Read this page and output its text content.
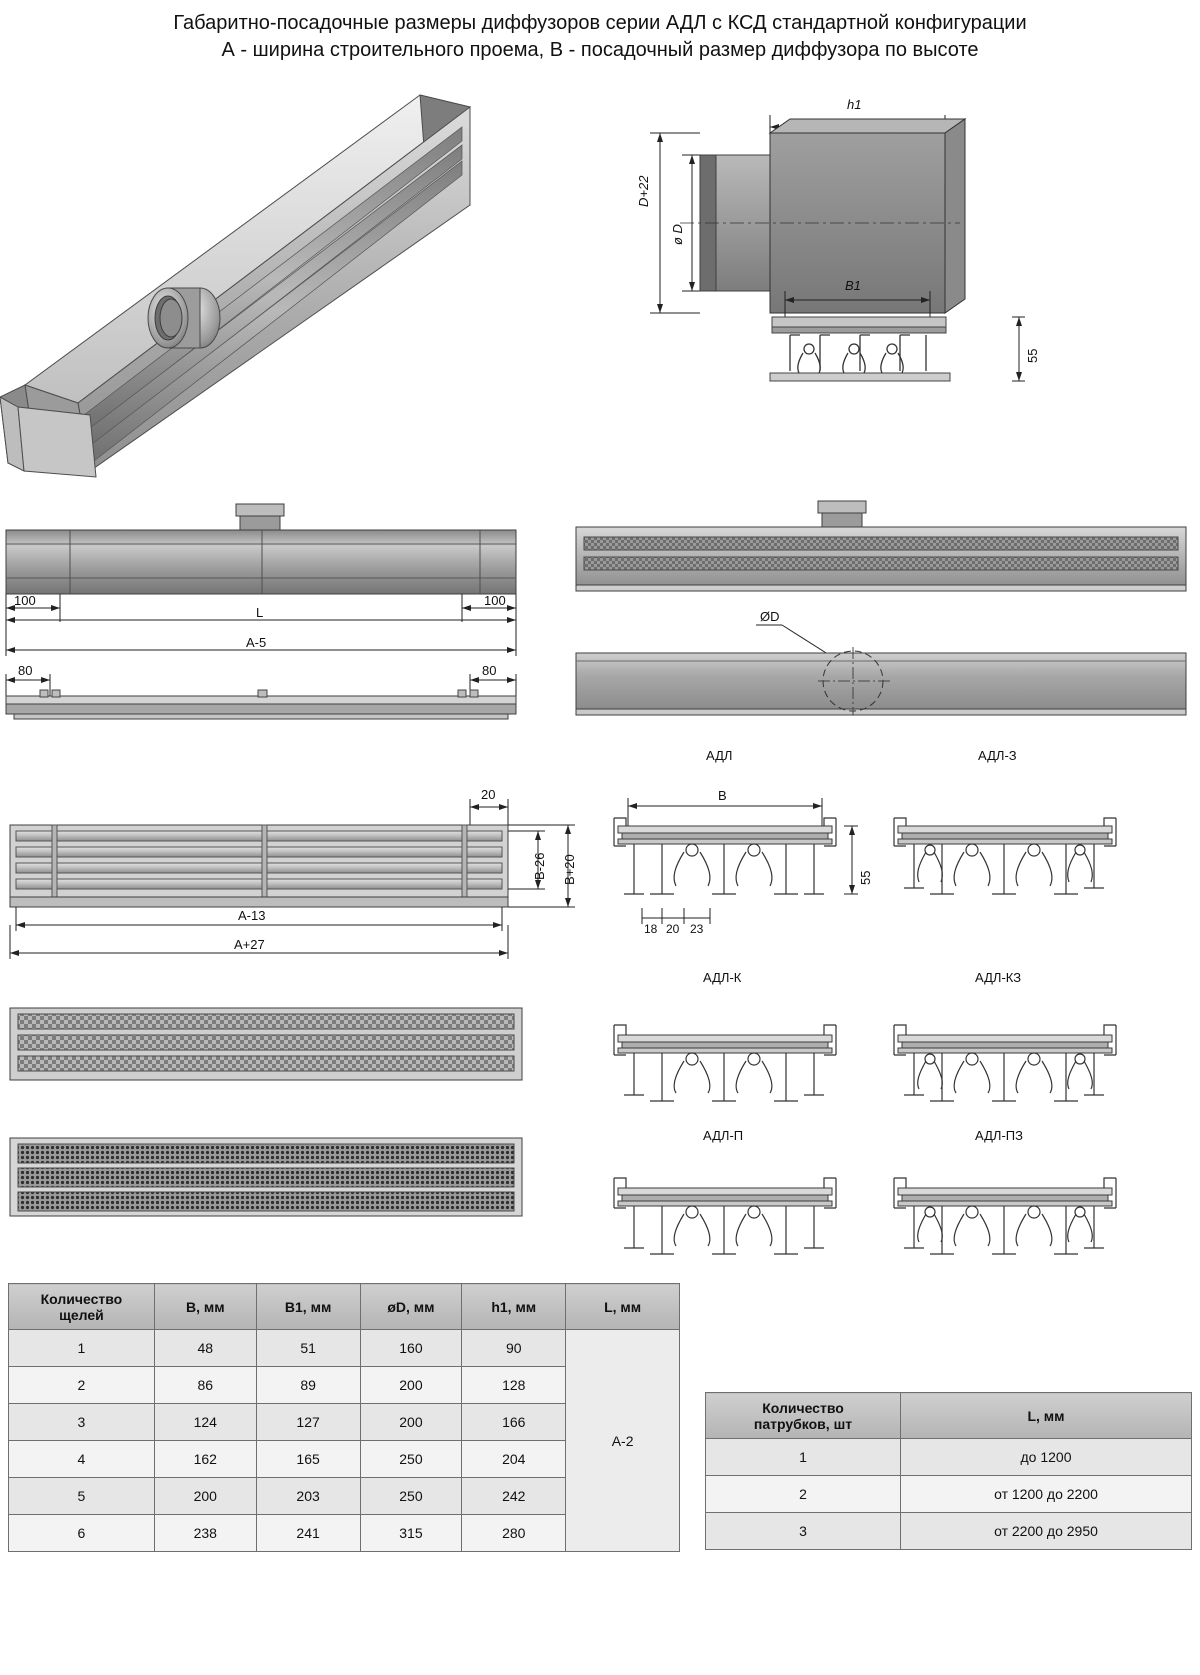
Габаритно-посадочные размеры диффузоров серии АДЛ с КСД стандартной конфигурации
А - ширина строительного проема, В - посадочный размер диффузора по высоте
h1
D+22
ø D
B1
55
100	100
L
А-5
80	80
ØD
20
В-26 В+20
А-13
А+27
АДЛ	АДЛ-З
В
55
18 20 23
АДЛ-К	АДЛ-КЗ
АДЛ-П	АДЛ-ПЗ
Количество
щелей	В, мм	В1, мм	øD, мм	h1, мм	L, мм
1	48	51	160	90	А-2
2	86	89	200	128	
3	124	127	200	166	
4	162	165	250	204	
5	200	203	250	242	
6	238	241	315	280	
Количество
патрубков, шт	L, мм
1	до 1200
2	от 1200 до 2200
3	от 2200 до 2950
